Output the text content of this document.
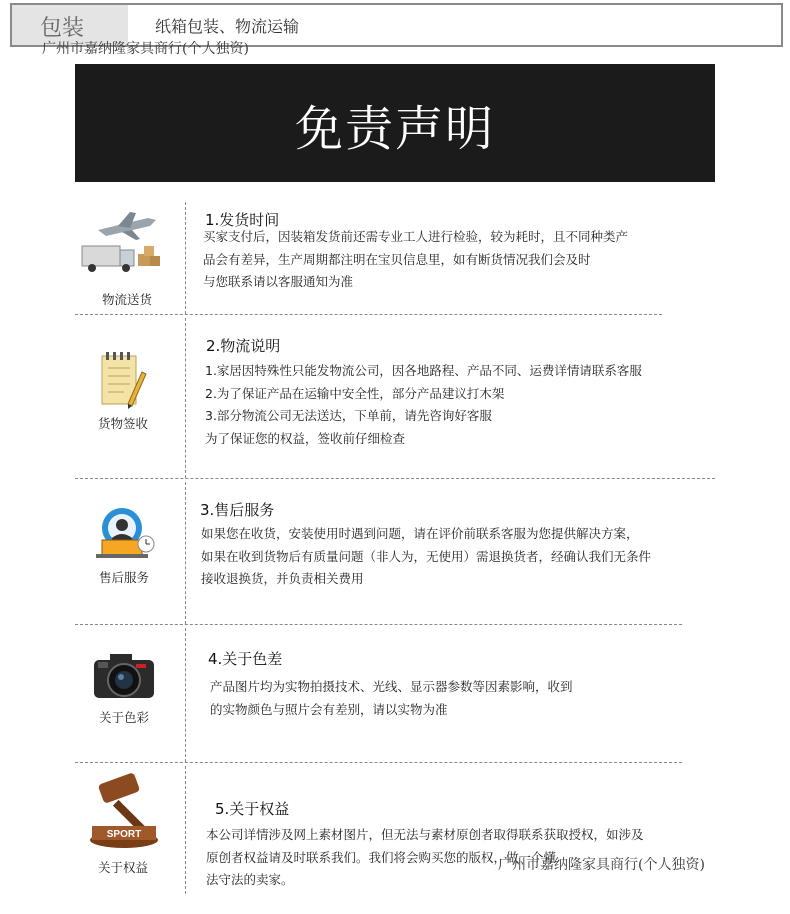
包装	纸箱包装、物流运输
广州市嘉纳隆家具商行(个人独资)
免责声明
物流送货
1.发货时间
买家支付后，因装箱发货前还需专业工人进行检验，较为耗时，且不同种类产
品会有差异，生产周期都注明在宝贝信息里，如有断货情况我们会及时
与您联系请以客服通知为准
货物签收
2.物流说明
1.家居因特殊性只能发物流公司，因各地路程、产品不同、运费详情请联系客服
2.为了保证产品在运输中安全性，部分产品建议打木架
3.部分物流公司无法送达，下单前，请先咨询好客服
为了保证您的权益，签收前仔细检查
售后服务
3.售后服务
如果您在收货，安装使用时遇到问题，请在评价前联系客服为您提供解决方案，
如果在收到货物后有质量问题（非人为，无使用）需退换货者，经确认我们无条件
接收退换货，并负责相关费用
关于色彩
4.关于色差
产品图片均为实物拍摄技术、光线、显示器参数等因素影响，收到
的实物颜色与照片会有差别，请以实物为准
SPORT
关于权益
5.关于权益
本公司详情涉及网上素材图片，但无法与素材原创者取得联系获取授权，如涉及
原创者权益请及时联系我们。我们将会购买您的版权，做一个懂
法守法的卖家。
广州市嘉纳隆家具商行(个人独资)
